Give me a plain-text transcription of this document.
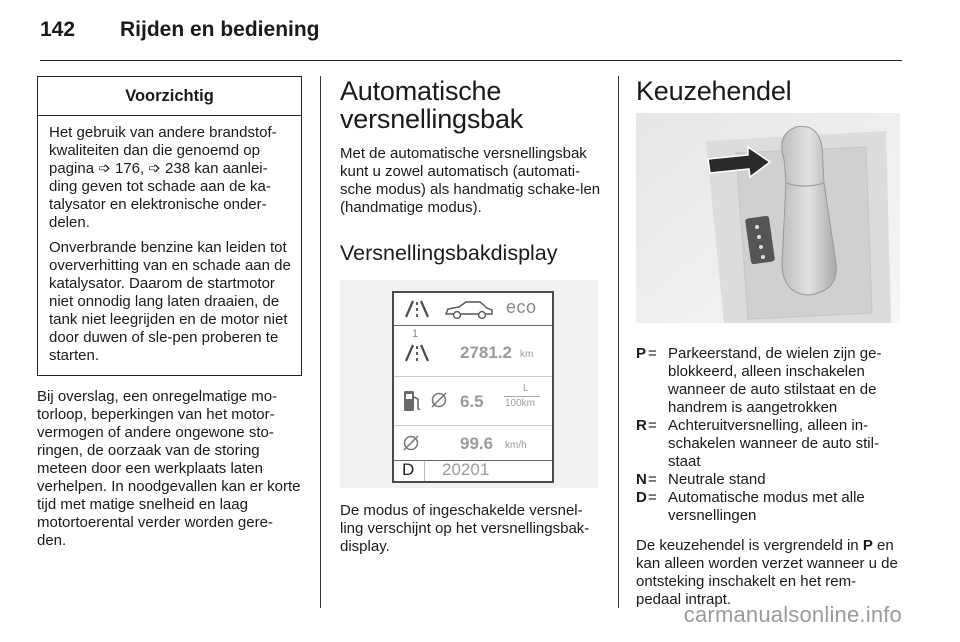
142 Rijden en bediening
Voorzichtig

Het gebruik van andere brandstof-kwaliteiten dan die genoemd op pagina ➩ 176, ➩ 238 kan aanlei-ding geven tot schade aan de ka-talysator en elektronische onder-delen.

Onverbrande benzine kan leiden tot oververhitting van en schade aan de katalysator. Daarom de startmotor niet onnodig lang laten draaien, de tank niet leegrijden en de motor niet door duwen of sle-pen proberen te starten.

Bij overslag, een onregelmatige mo-torloop, beperkingen van het motor-vermogen of andere ongewone sto-ringen, de oorzaak van de storing meteen door een werkplaats laten verhelpen. In noodgevallen kan er korte tijd met matige snelheid en laag motortoerental verder worden gere-den.

Automatische versnellingsbak

Met de automatische versnellingsbak kunt u zowel automatisch (automati-sche modus) als handmatig schake-len (handmatige modus).

Versnellingsbakdisplay
eco
1
2781.2 km
6.5
L
100km
99.6 km/h
D 20201

De modus of ingeschakelde versnel-ling verschijnt op het versnellingsbak-display.

Keuzehendel
P = Parkeerstand, de wielen zijn ge-blokkeerd, alleen inschakelen wanneer de auto stilstaat en de handrem is aangetrokken
R = Achteruitversnelling, alleen in-schakelen wanneer de auto stil-staat
N = Neutrale stand
D = Automatische modus met alle versnellingen

De keuzehendel is vergrendeld in P en kan alleen worden verzet wanneer u de ontsteking inschakelt en het rem-pedaal intrapt.

carmanualsonline.info
